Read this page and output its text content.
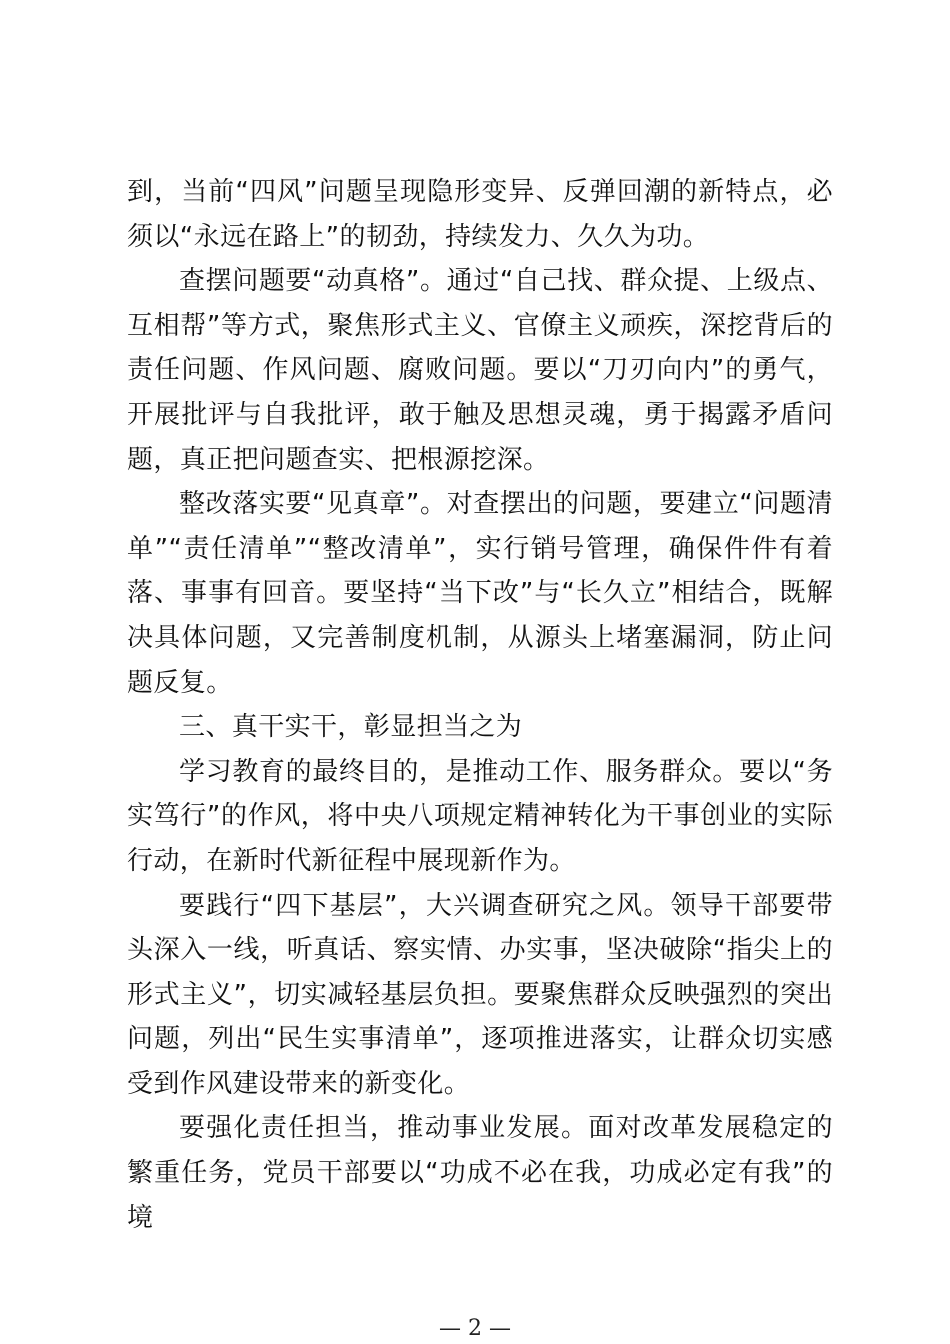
到，当前“四风”问题呈现隐形变异、反弹回潮的新特点，必须以“永远在路上”的韧劲，持续发力、久久为功。

查摆问题要“动真格”。通过“自己找、群众提、上级点、互相帮”等方式，聚焦形式主义、官僚主义顽疾，深挖背后的责任问题、作风问题、腐败问题。要以“刀刃向内”的勇气，开展批评与自我批评，敢于触及思想灵魂，勇于揭露矛盾问题，真正把问题查实、把根源挖深。

整改落实要“见真章”。对查摆出的问题，要建立“问题清单”“责任清单”“整改清单”，实行销号管理，确保件件有着落、事事有回音。要坚持“当下改”与“长久立”相结合，既解决具体问题，又完善制度机制，从源头上堵塞漏洞，防止问题反复。

三、真干实干，彰显担当之为

学习教育的最终目的，是推动工作、服务群众。要以“务实笃行”的作风，将中央八项规定精神转化为干事创业的实际行动，在新时代新征程中展现新作为。

要践行“四下基层”，大兴调查研究之风。领导干部要带头深入一线，听真话、察实情、办实事，坚决破除“指尖上的形式主义”，切实减轻基层负担。要聚焦群众反映强烈的突出问题，列出“民生实事清单”，逐项推进落实，让群众切实感受到作风建设带来的新变化。

要强化责任担当，推动事业发展。面对改革发展稳定的繁重任务，党员干部要以“功成不必在我，功成必定有我”的境

— 2 —
